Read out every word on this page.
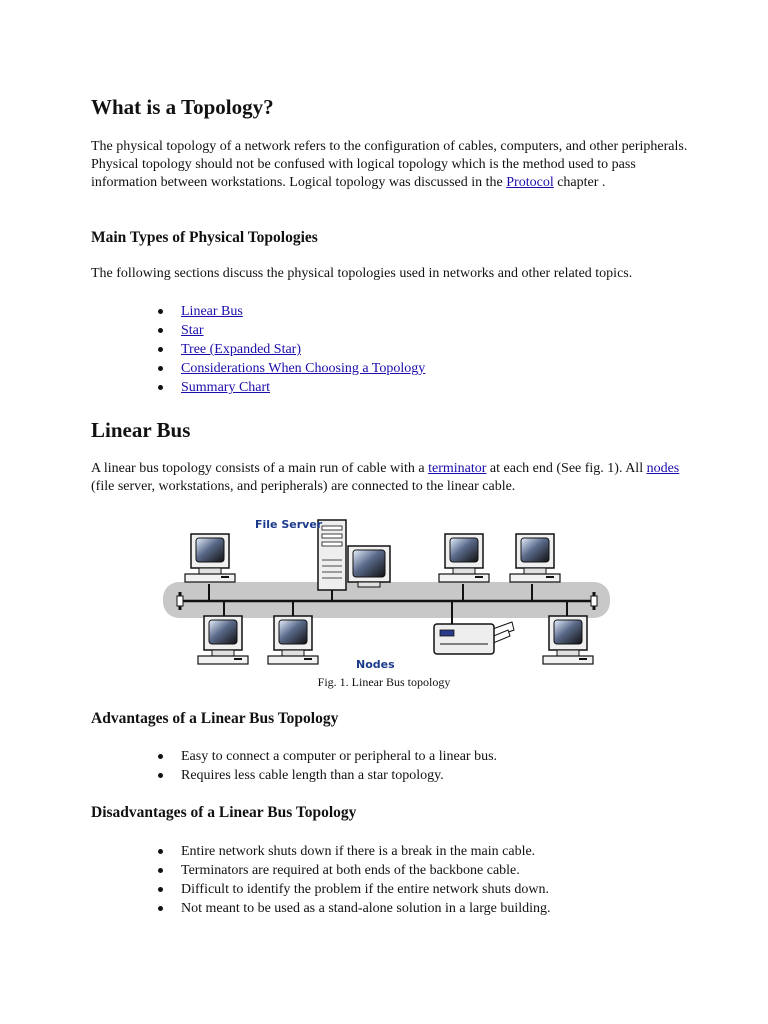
What is a Topology?

The physical topology of a network refers to the configuration of cables, computers, and other peripherals. Physical topology should not be confused with logical topology which is the method used to pass information between workstations. Logical topology was discussed in the Protocol chapter .

Main Types of Physical Topologies

The following sections discuss the physical topologies used in networks and other related topics.

Linear Bus
Star
Tree (Expanded Star)
Considerations When Choosing a Topology
Summary Chart
Linear Bus

A linear bus topology consists of a main run of cable with a terminator at each end (See fig. 1). All nodes (file server, workstations, and peripherals) are connected to the linear cable.

Advantages of a Linear Bus Topology
Easy to connect a computer or peripheral to a linear bus.
Requires less cable length than a star topology.
Disadvantages of a Linear Bus Topology
Entire network shuts down if there is a break in the main cable.
Terminators are required at both ends of the backbone cable.
Difficult to identify the problem if the entire network shuts down.
Not meant to be used as a stand-alone solution in a large building.
File Server
Nodes
Fig. 1. Linear Bus topology
